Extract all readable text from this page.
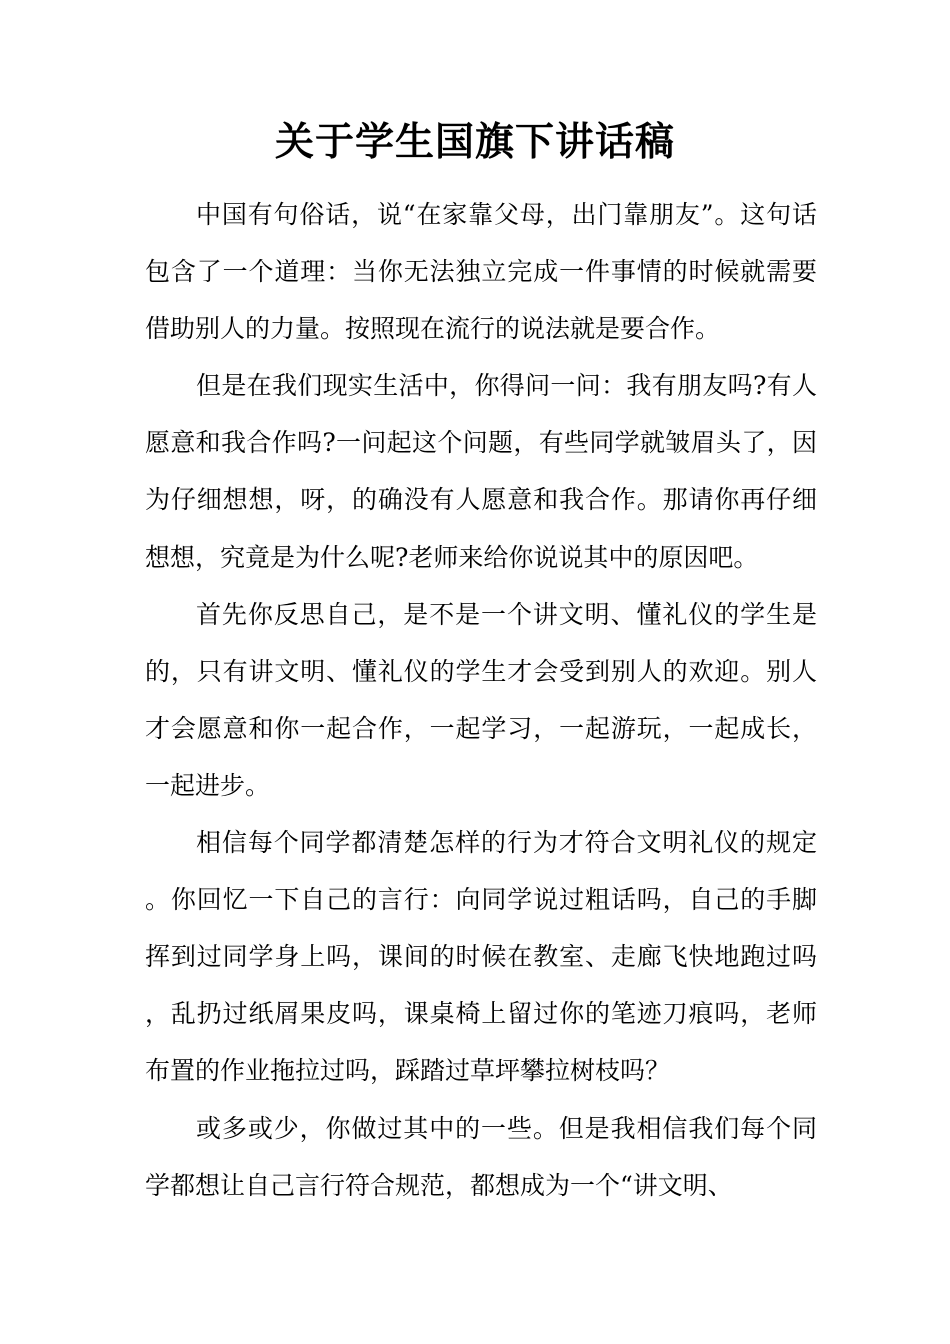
关于学生国旗下讲话稿

中国有句俗话，说“在家靠父母，出门靠朋友”。这句话包含了一个道理：当你无法独立完成一件事情的时候就需要借助别人的力量。按照现在流行的说法就是要合作。

但是在我们现实生活中，你得问一问：我有朋友吗?有人愿意和我合作吗?一问起这个问题，有些同学就皱眉头了，因为仔细想想，呀，的确没有人愿意和我合作。那请你再仔细想想，究竟是为什么呢?老师来给你说说其中的原因吧。

首先你反思自己，是不是一个讲文明、懂礼仪的学生是的，只有讲文明、懂礼仪的学生才会受到别人的欢迎。别人才会愿意和你一起合作，一起学习，一起游玩，一起成长，一起进步。

相信每个同学都清楚怎样的行为才符合文明礼仪的规定。你回忆一下自己的言行：向同学说过粗话吗，自己的手脚挥到过同学身上吗，课间的时候在教室、走廊飞快地跑过吗，乱扔过纸屑果皮吗，课桌椅上留过你的笔迹刀痕吗，老师布置的作业拖拉过吗，踩踏过草坪攀拉树枝吗？

或多或少，你做过其中的一些。但是我相信我们每个同学都想让自己言行符合规范，都想成为一个“讲文明、
